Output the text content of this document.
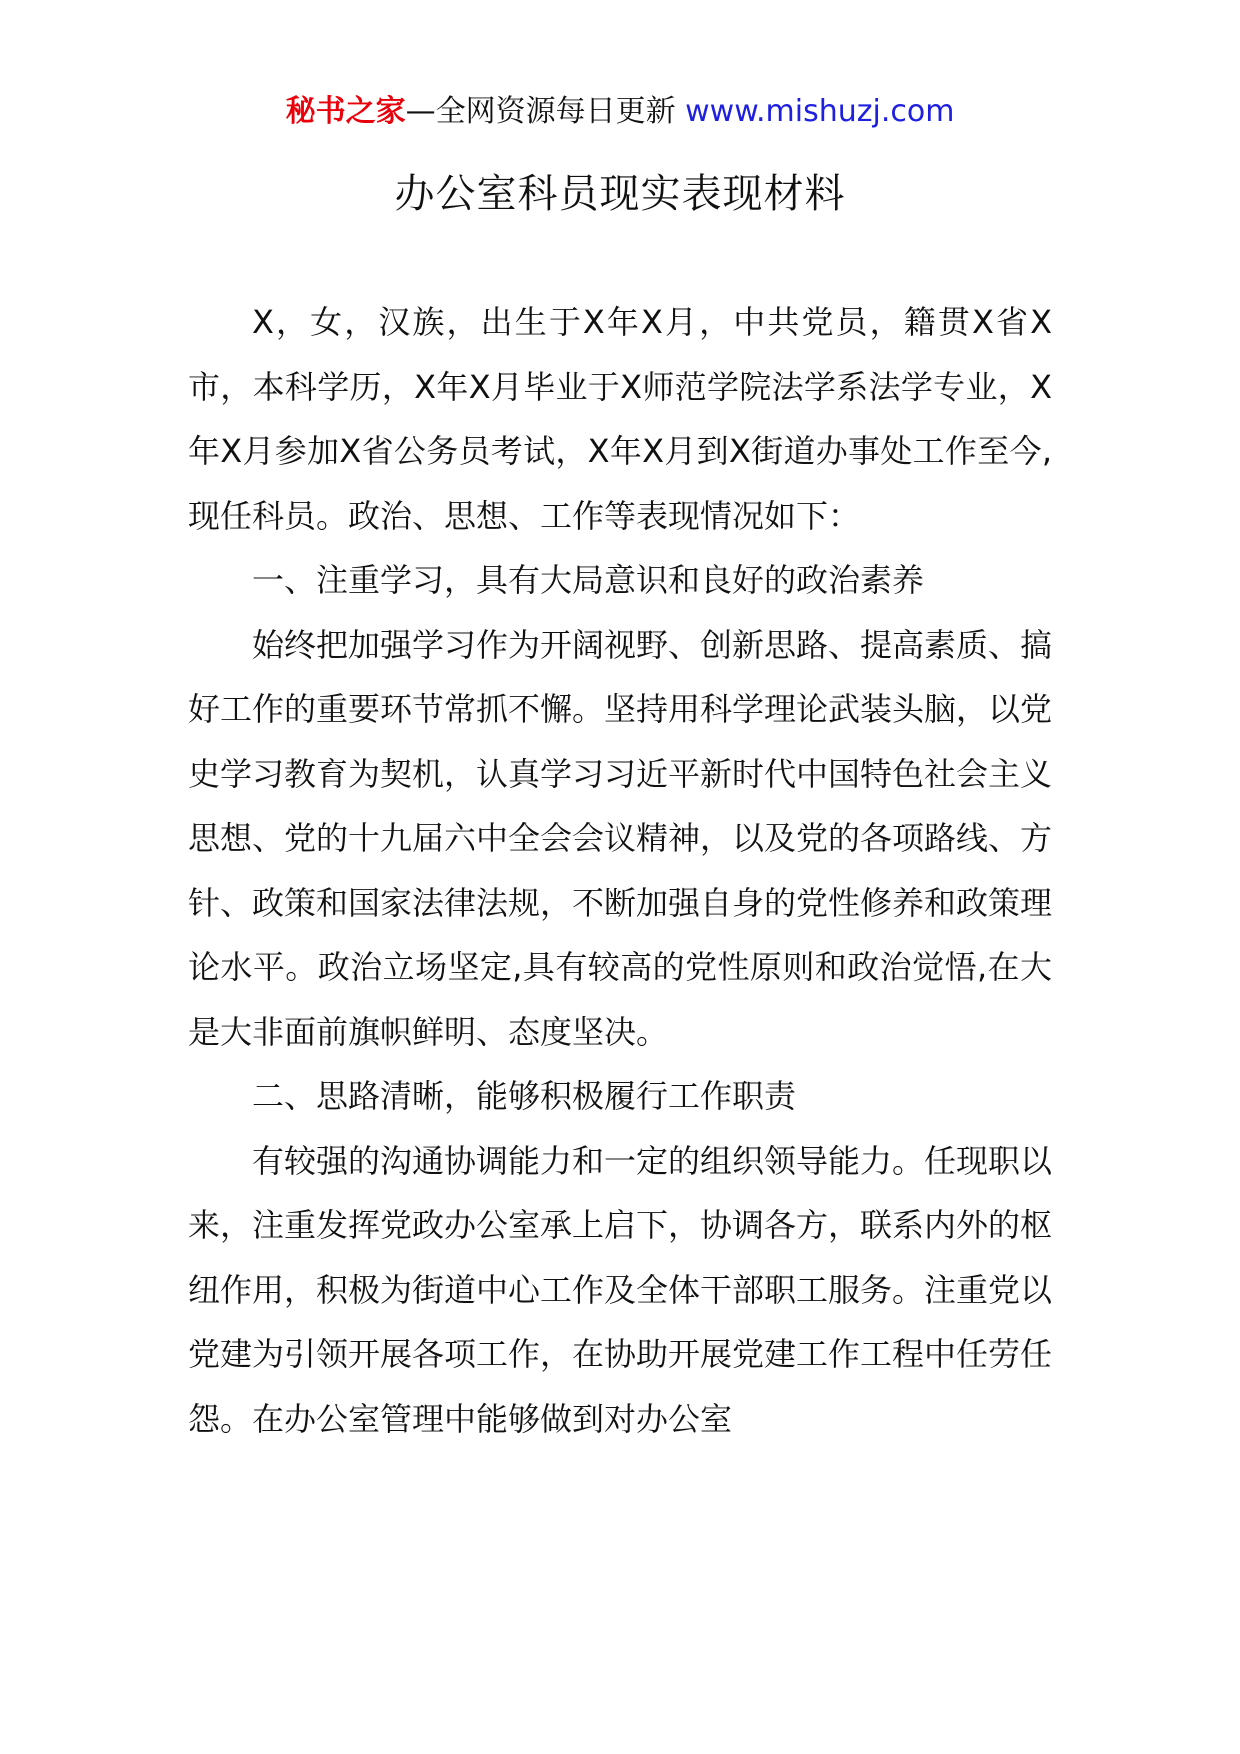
秘书之家—全网资源每日更新 www.mishuzj.com
办公室科员现实表现材料

X，女，汉族，出生于X年X月，中共党员，籍贯X省X市，本科学历，X年X月毕业于X师范学院法学系法学专业，X年X月参加X省公务员考试，X年X月到X街道办事处工作至今,现任科员。政治、思想、工作等表现情况如下：

一、注重学习，具有大局意识和良好的政治素养

始终把加强学习作为开阔视野、创新思路、提高素质、搞好工作的重要环节常抓不懈。坚持用科学理论武装头脑，以党史学习教育为契机，认真学习习近平新时代中国特色社会主义思想、党的十九届六中全会会议精神，以及党的各项路线、方针、政策和国家法律法规，不断加强自身的党性修养和政策理论水平。政治立场坚定,具有较高的党性原则和政治觉悟,在大是大非面前旗帜鲜明、态度坚决。

二、思路清晰，能够积极履行工作职责

有较强的沟通协调能力和一定的组织领导能力。任现职以来，注重发挥党政办公室承上启下，协调各方，联系内外的枢纽作用，积极为街道中心工作及全体干部职工服务。注重党以党建为引领开展各项工作，在协助开展党建工作工程中任劳任怨。在办公室管理中能够做到对办公室
